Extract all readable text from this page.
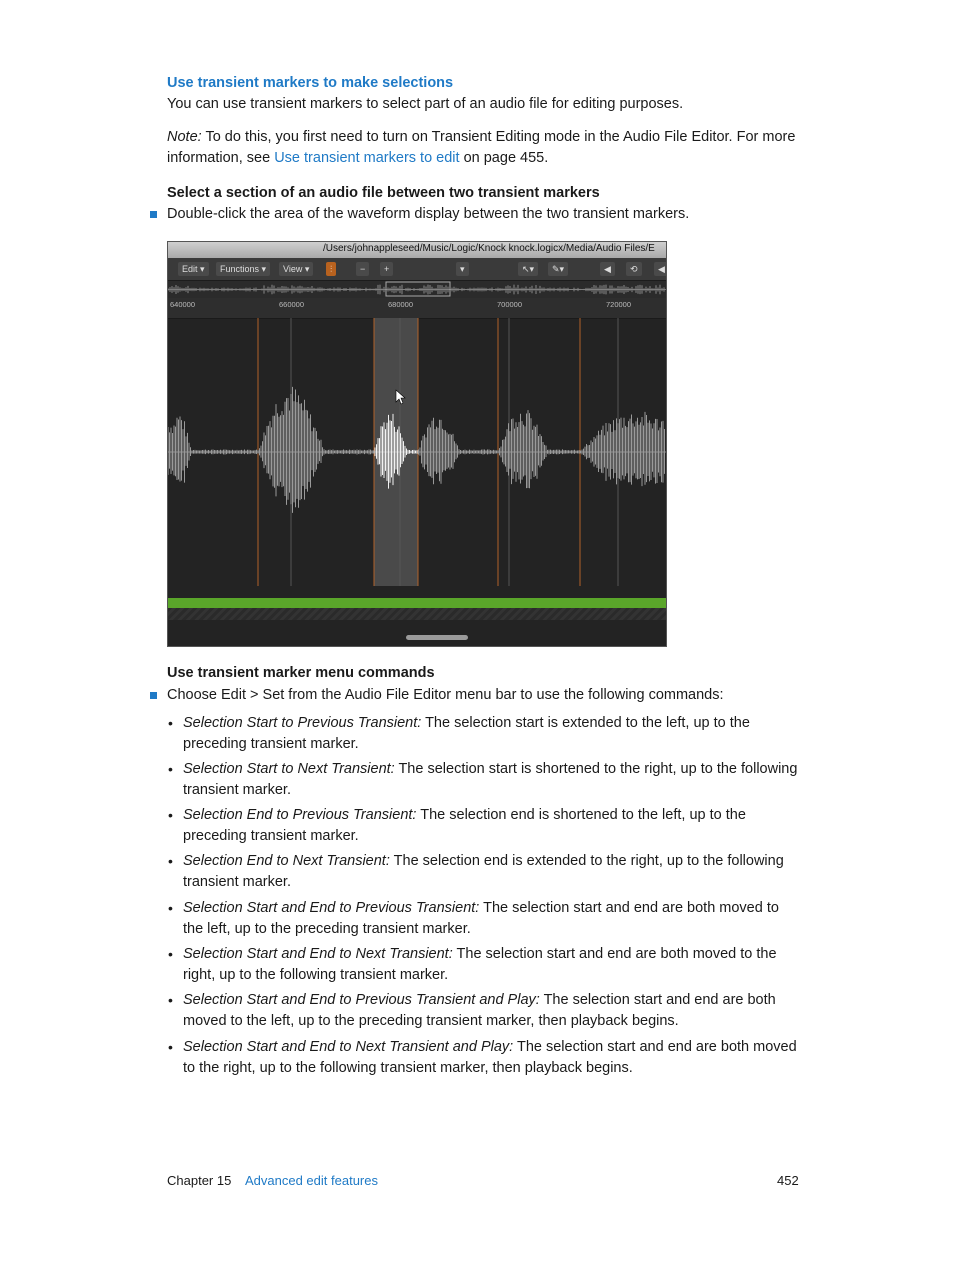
Use transient markers to make selections
You can use transient markers to select part of an audio file for editing purposes.
Note: To do this, you first need to turn on Transient Editing mode in the Audio File Editor. For more information, see Use transient markers to edit on page 455.
Select a section of an audio file between two transient markers
Double-click the area of the waveform display between the two transient markers.
/Users/johnappleseed/Music/Logic/Knock knock.logicx/Media/Audio Files/E
Edit ▾	Functions ▾	View ▾	⫶	−	+	▾	↖▾	✎▾	◀	⟲	◀
640000	660000	680000	700000	720000
Use transient marker menu commands
Choose Edit > Set from the Audio File Editor menu bar to use the following commands:
• Selection Start to Previous Transient: The selection start is extended to the left, up to the preceding transient marker.
• Selection Start to Next Transient: The selection start is shortened to the right, up to the following transient marker.
• Selection End to Previous Transient: The selection end is shortened to the left, up to the preceding transient marker.
• Selection End to Next Transient: The selection end is extended to the right, up to the following transient marker.
• Selection Start and End to Previous Transient: The selection start and end are both moved to the left, up to the preceding transient marker.
• Selection Start and End to Next Transient: The selection start and end are both moved to the right, up to the following transient marker.
• Selection Start and End to Previous Transient and Play: The selection start and end are both moved to the left, up to the preceding transient marker, then playback begins.
• Selection Start and End to Next Transient and Play: The selection start and end are both moved to the right, up to the following transient marker, then playback begins.
Chapter 15 Advanced edit features	452
